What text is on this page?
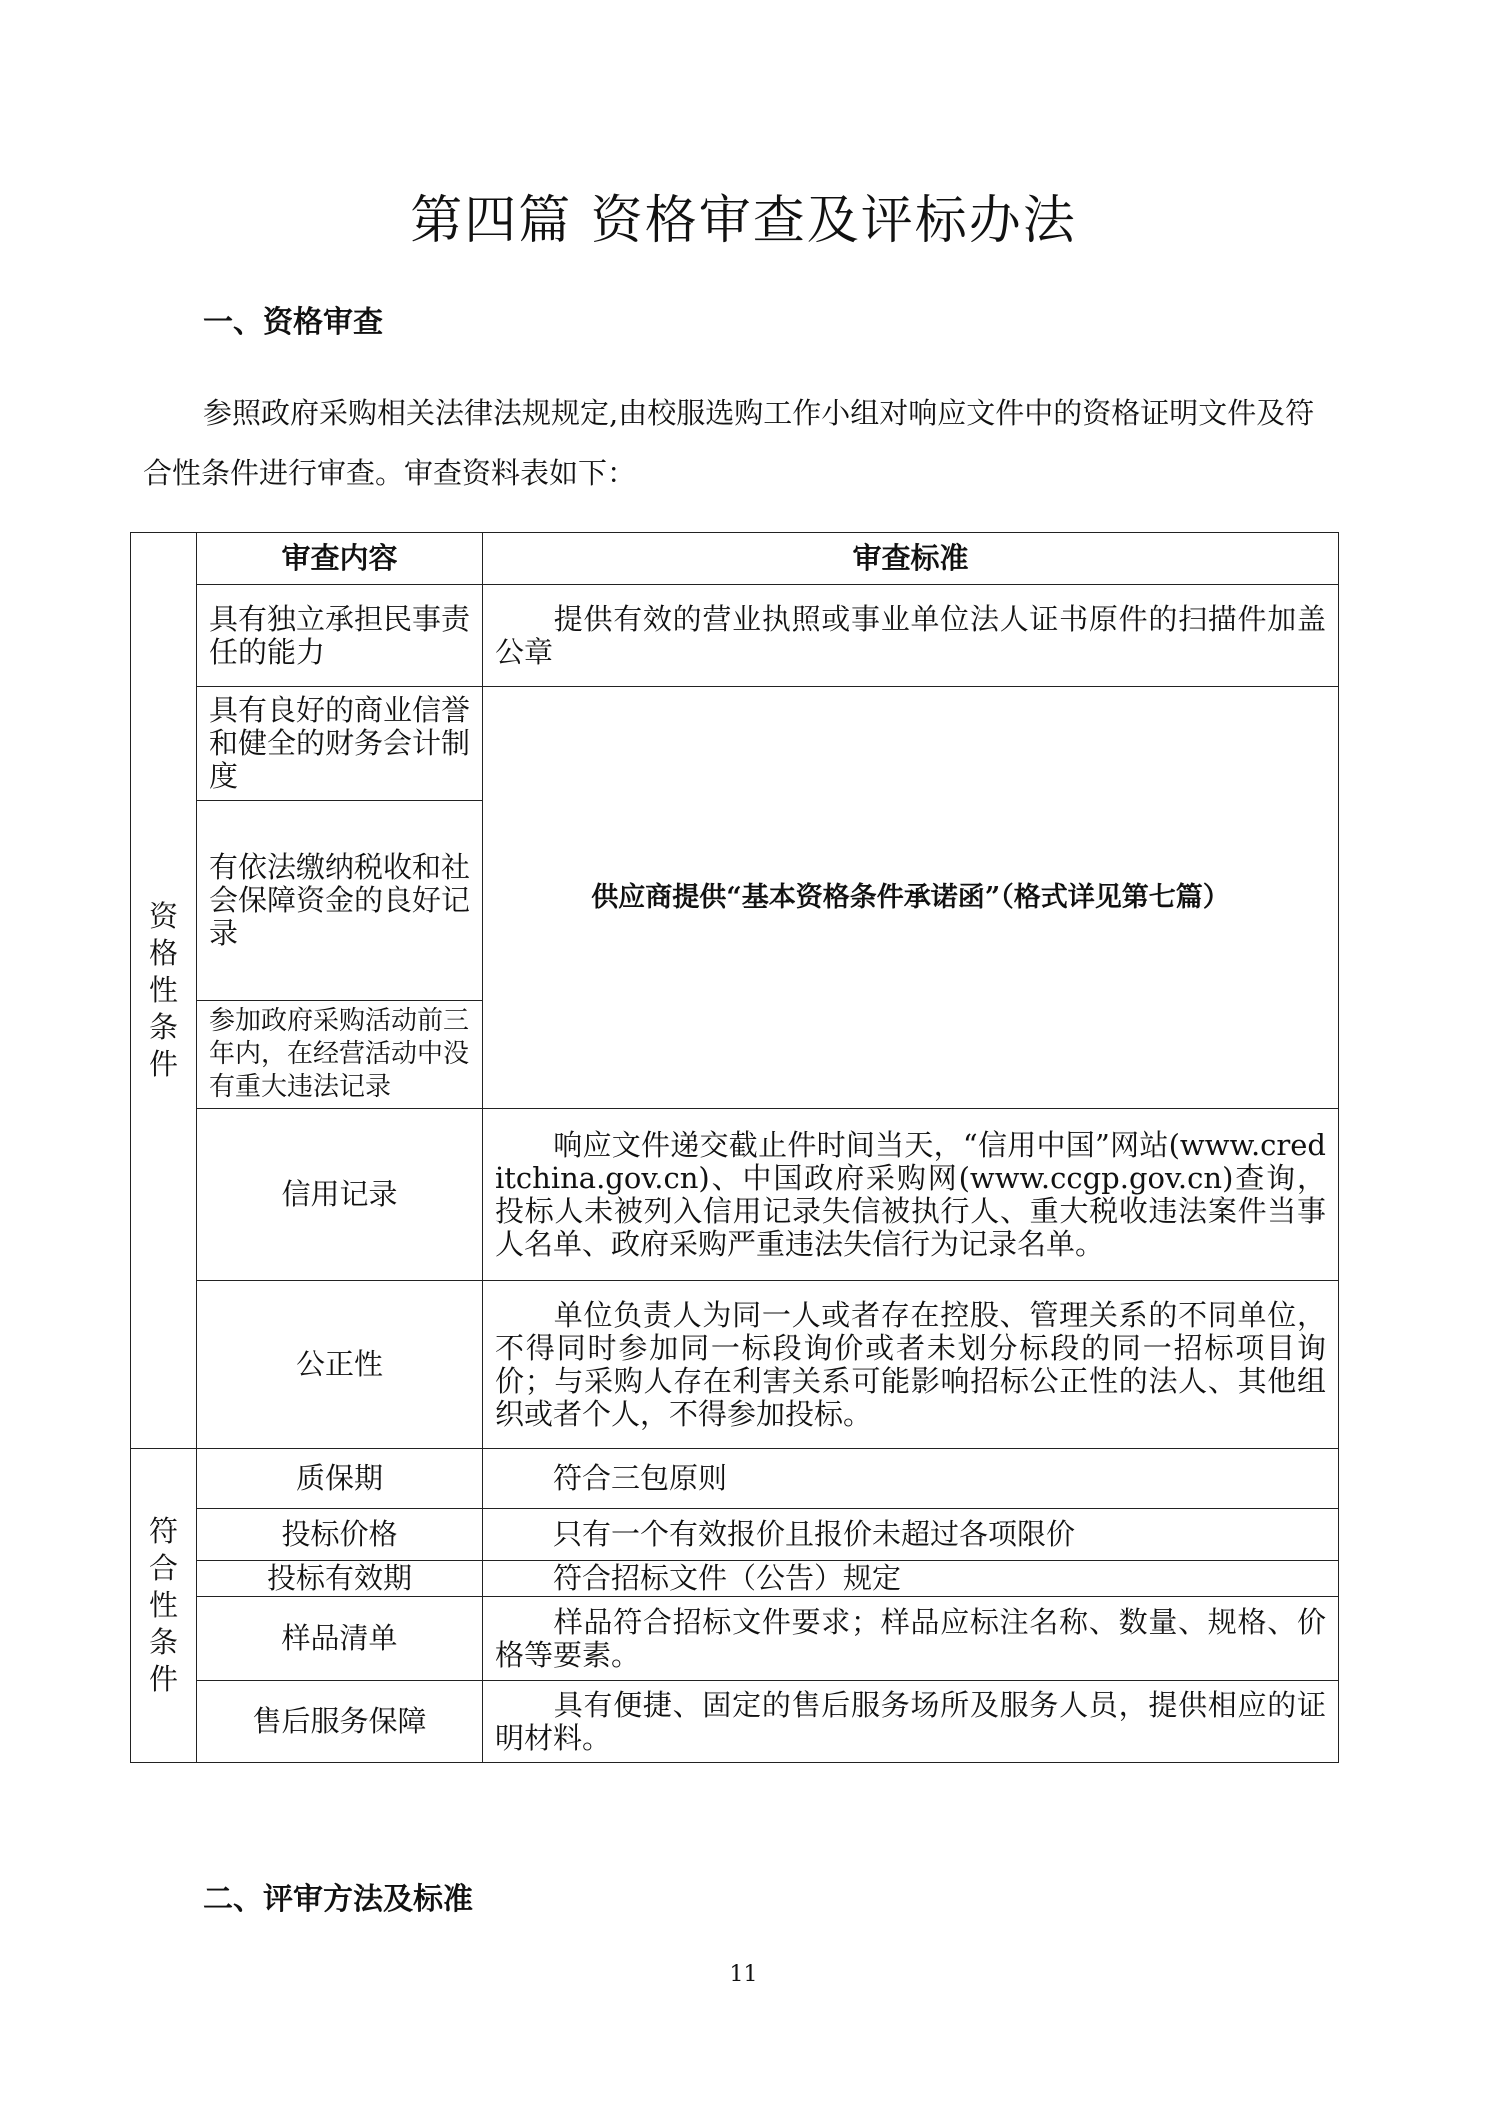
第四篇 资格审查及评标办法
一、资格审查
参照政府采购相关法律法规规定,由校服选购工作小组对响应文件中的资格证明文件及符合性条件进行审查。审查资料表如下：
资格性条件	审查内容	审查标准
	具有独立承担民事责任的能力	提供有效的营业执照或事业单位法人证书原件的扫描件加盖公章
	具有良好的商业信誉和健全的财务会计制度	供应商提供“基本资格条件承诺函”（格式详见第七篇）
	有依法缴纳税收和社会保障资金的良好记录	
	参加政府采购活动前三年内，在经营活动中没有重大违法记录	
	信用记录	响应文件递交截止件时间当天，“信用中国”网站(www.creditchina.gov.cn)、中国政府采购网(www.ccgp.gov.cn)查询，投标人未被列入信用记录失信被执行人、重大税收违法案件当事人名单、政府采购严重违法失信行为记录名单。
	公正性	单位负责人为同一人或者存在控股、管理关系的不同单位，不得同时参加同一标段询价或者未划分标段的同一招标项目询价；与采购人存在利害关系可能影响招标公正性的法人、其他组织或者个人，不得参加投标。

符合性条件	质保期	符合三包原则
	投标价格	只有一个有效报价且报价未超过各项限价
	投标有效期	符合招标文件（公告）规定
	样品清单	样品符合招标文件要求；样品应标注名称、数量、规格、价格等要素。
	售后服务保障	具有便捷、固定的售后服务场所及服务人员，提供相应的证明材料。
二、评审方法及标准
11
